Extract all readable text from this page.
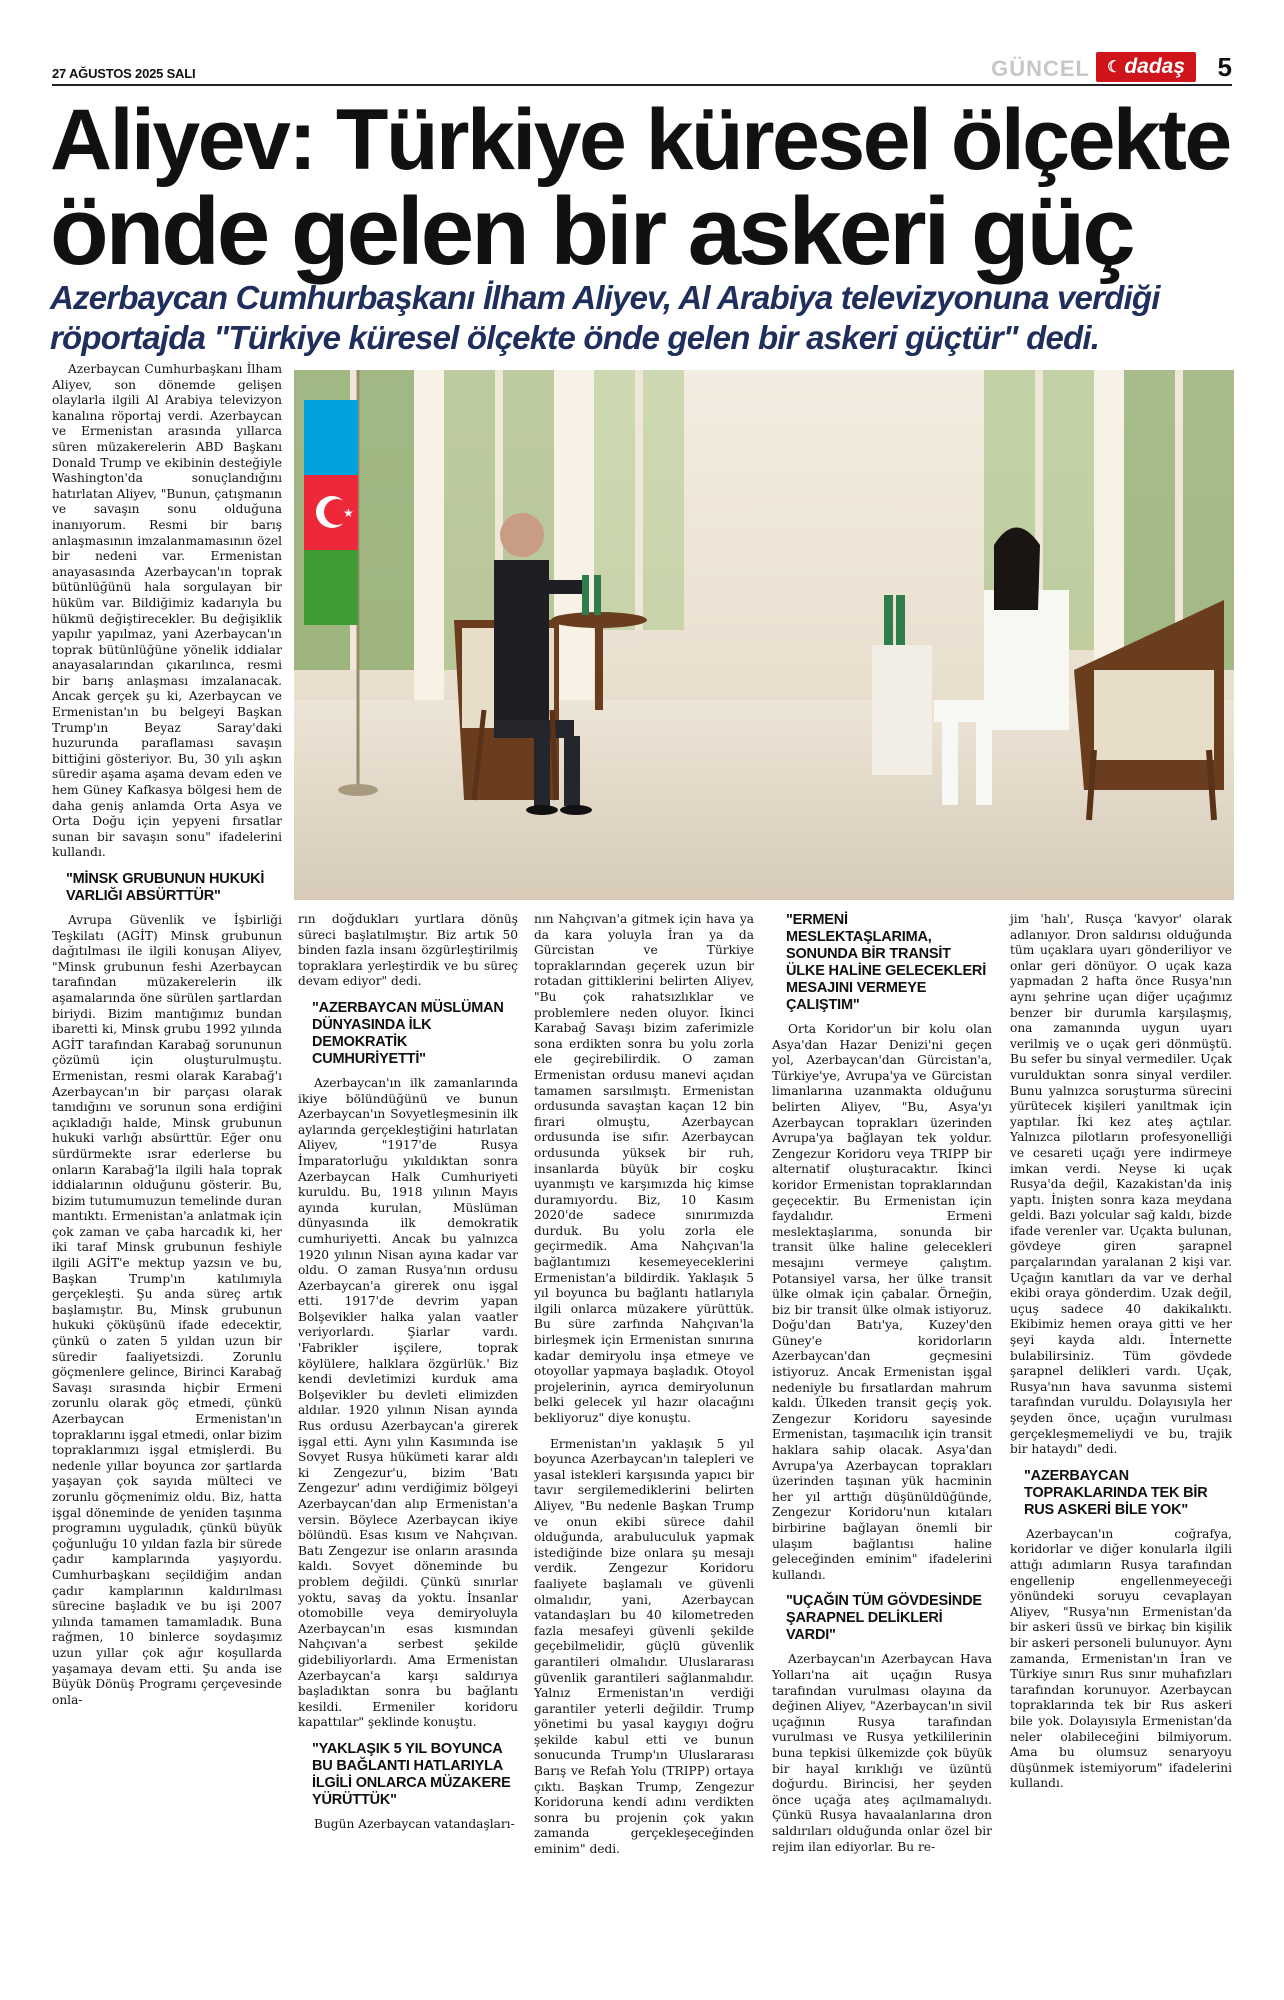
27 AĞUSTOS 2025 SALI	GÜNCEL ☾ dadaş 5
Aliyev: Türkiye küresel ölçekte
önde gelen bir askeri güç
Azerbaycan Cumhurbaşkanı İlham Aliyev, Al Arabiya televizyonuna verdiği röportajda "Türkiye küresel ölçekte önde gelen bir askeri güçtür" dedi.

Azerbaycan Cumhurbaşkanı İlham Aliyev, son dönemde gelişen olaylarla ilgili Al Arabiya televizyon kanalına röportaj verdi. Azerbaycan ve Ermenistan arasında yıllarca süren müzakerelerin ABD Başkanı Donald Trump ve ekibinin desteğiyle Washington'da sonuçlandığını hatırlatan Aliyev, "Bunun, çatışmanın ve savaşın sonu olduğuna inanıyorum. Resmi bir barış anlaşmasının imzalanmamasının özel bir nedeni var. Ermenistan anayasasında Azerbaycan'ın toprak bütünlüğünü hala sorgulayan bir hüküm var. Bildiğimiz kadarıyla bu hükmü değiştirecekler. Bu değişiklik yapılır yapılmaz, yani Azerbaycan'ın toprak bütünlüğüne yönelik iddialar anayasalarından çıkarılınca, resmi bir barış anlaşması imzalanacak. Ancak gerçek şu ki, Azerbaycan ve Ermenistan'ın bu belgeyi Başkan Trump'ın Beyaz Saray'daki huzurunda paraflaması savaşın bittiğini gösteriyor. Bu, 30 yılı aşkın süredir aşama aşama devam eden ve hem Güney Kafkasya bölgesi hem de daha geniş anlamda Orta Asya ve Orta Doğu için yepyeni fırsatlar sunan bir savaşın sonu" ifadelerini kullandı.

"MİNSK GRUBUNUN HUKUKİ VARLIĞI ABSÜRTTÜR"

Avrupa Güvenlik ve İşbirliği Teşkilatı (AGİT) Minsk grubunun dağıtılması ile ilgili konuşan Aliyev, "Minsk grubunun feshi Azerbaycan tarafından müzakerelerin ilk aşamalarında öne sürülen şartlardan biriydi. Bizim mantığımız bundan ibaretti ki, Minsk grubu 1992 yılında AGİT tarafından Karabağ sorununun çözümü için oluşturulmuştu. Ermenistan, resmi olarak Karabağ'ı Azerbaycan'ın bir parçası olarak tanıdığını ve sorunun sona erdiğini açıkladığı halde, Minsk grubunun hukuki varlığı absürttür. Eğer onu sürdürmekte ısrar ederlerse bu onların Karabağ'la ilgili hala toprak iddialarının olduğunu gösterir. Bu, bizim tutumumuzun temelinde duran mantıktı. Ermenistan'a anlatmak için çok zaman ve çaba harcadık ki, her iki taraf Minsk grubunun feshiyle ilgili AGİT'e mektup yazsın ve bu, Başkan Trump'ın katılımıyla gerçekleşti. Şu anda süreç artık başlamıştır. Bu, Minsk grubunun hukuki çöküşünü ifade edecektir, çünkü o zaten 5 yıldan uzun bir süredir faaliyetsizdi. Zorunlu göçmenlere gelince, Birinci Karabağ Savaşı sırasında hiçbir Ermeni zorunlu olarak göç etmedi, çünkü Azerbaycan Ermenistan'ın topraklarını işgal etmedi, onlar bizim topraklarımızı işgal etmişlerdi. Bu nedenle yıllar boyunca zor şartlarda yaşayan çok sayıda mülteci ve zorunlu göçmenimiz oldu. Biz, hatta işgal döneminde de yeniden taşınma programını uyguladık, çünkü büyük çoğunluğu 10 yıldan fazla bir sürede çadır kamplarında yaşıyordu. Cumhurbaşkanı seçildiğim andan çadır kamplarının kaldırılması sürecine başladık ve bu işi 2007 yılında tamamen tamamladık. Buna rağmen, 10 binlerce soydaşımız uzun yıllar çok ağır koşullarda yaşamaya devam etti. Şu anda ise Büyük Dönüş Programı çerçevesinde onla-

★

rın doğdukları yurtlara dönüş süreci başlatılmıştır. Biz artık 50 binden fazla insanı özgürleştirilmiş topraklara yerleştirdik ve bu süreç devam ediyor" dedi.

"AZERBAYCAN MÜSLÜMAN DÜNYASINDA İLK DEMOKRATİK CUMHURİYETTİ"

Azerbaycan'ın ilk zamanlarında ikiye bölündüğünü ve bunun Azerbaycan'ın Sovyetleşmesinin ilk aylarında gerçekleştiğini hatırlatan Aliyev, "1917'de Rusya İmparatorluğu yıkıldıktan sonra Azerbaycan Halk Cumhuriyeti kuruldu. Bu, 1918 yılının Mayıs ayında kurulan, Müslüman dünyasında ilk demokratik cumhuriyetti. Ancak bu yalnızca 1920 yılının Nisan ayına kadar var oldu. O zaman Rusya'nın ordusu Azerbaycan'a girerek onu işgal etti. 1917'de devrim yapan Bolşevikler halka yalan vaatler veriyorlardı. Şiarlar vardı. 'Fabrikler işçilere, toprak köylülere, halklara özgürlük.' Biz kendi devletimizi kurduk ama Bolşevikler bu devleti elimizden aldılar. 1920 yılının Nisan ayında Rus ordusu Azerbaycan'a girerek işgal etti. Aynı yılın Kasımında ise Sovyet Rusya hükümeti karar aldı ki Zengezur'u, bizim 'Batı Zengezur' adını verdiğimiz bölgeyi Azerbaycan'dan alıp Ermenistan'a versin. Böylece Azerbaycan ikiye bölündü. Esas kısım ve Nahçıvan. Batı Zengezur ise onların arasında kaldı. Sovyet döneminde bu problem değildi. Çünkü sınırlar yoktu, savaş da yoktu. İnsanlar otomobille veya demiryoluyla Azerbaycan'ın esas kısmından Nahçıvan'a serbest şekilde gidebiliyorlardı. Ama Ermenistan Azerbaycan'a karşı saldırıya başladıktan sonra bu bağlantı kesildi. Ermeniler koridoru kapattılar" şeklinde konuştu.

"YAKLAŞIK 5 YIL BOYUNCA BU BAĞLANTI HATLARIYLA İLGİLİ ONLARCA MÜZAKERE YÜRÜTTÜK"

Bugün Azerbaycan vatandaşları-

nın Nahçıvan'a gitmek için hava ya da kara yoluyla İran ya da Gürcistan ve Türkiye topraklarından geçerek uzun bir rotadan gittiklerini belirten Aliyev, "Bu çok rahatsızlıklar ve problemlere neden oluyor. İkinci Karabağ Savaşı bizim zaferimizle sona erdikten sonra bu yolu zorla ele geçirebilirdik. O zaman Ermenistan ordusu manevi açıdan tamamen sarsılmıştı. Ermenistan ordusunda savaştan kaçan 12 bin firari olmuştu, Azerbaycan ordusunda ise sıfır. Azerbaycan ordusunda yüksek bir ruh, insanlarda büyük bir coşku uyanmıştı ve karşımızda hiç kimse duramıyordu. Biz, 10 Kasım 2020'de sadece sınırımızda durduk. Bu yolu zorla ele geçirmedik. Ama Nahçıvan'la bağlantımızı kesemeyeceklerini Ermenistan'a bildirdik. Yaklaşık 5 yıl boyunca bu bağlantı hatlarıyla ilgili onlarca müzakere yürüttük. Bu süre zarfında Nahçıvan'la birleşmek için Ermenistan sınırına kadar demiryolu inşa etmeye ve otoyollar yapmaya başladık. Otoyol projelerinin, ayrıca demiryolunun belki gelecek yıl hazır olacağını bekliyoruz" diye konuştu.

Ermenistan'ın yaklaşık 5 yıl boyunca Azerbaycan'ın talepleri ve yasal istekleri karşısında yapıcı bir tavır sergilemediklerini belirten Aliyev, "Bu nedenle Başkan Trump ve onun ekibi sürece dahil olduğunda, arabuluculuk yapmak istediğinde bize onlara şu mesajı verdik. Zengezur Koridoru faaliyete başlamalı ve güvenli olmalıdır, yani, Azerbaycan vatandaşları bu 40 kilometreden fazla mesafeyi güvenli şekilde geçebilmelidir, güçlü güvenlik garantileri olmalıdır. Uluslararası güvenlik garantileri sağlanmalıdır. Yalnız Ermenistan'ın verdiği garantiler yeterli değildir. Trump yönetimi bu yasal kaygıyı doğru şekilde kabul etti ve bunun sonucunda Trump'ın Uluslararası Barış ve Refah Yolu (TRIPP) ortaya çıktı. Başkan Trump, Zengezur Koridoruna kendi adını verdikten sonra bu projenin çok yakın zamanda gerçekleşeceğinden eminim" dedi.

"ERMENİ MESLEKTAŞLARIMA, SONUNDA BİR TRANSİT ÜLKE HALİNE GELECEKLERİ MESAJINI VERMEYE ÇALIŞTIM"

Orta Koridor'un bir kolu olan Asya'dan Hazar Denizi'ni geçen yol, Azerbaycan'dan Gürcistan'a, Türkiye'ye, Avrupa'ya ve Gürcistan limanlarına uzanmakta olduğunu belirten Aliyev, "Bu, Asya'yı Azerbaycan toprakları üzerinden Avrupa'ya bağlayan tek yoldur. Zengezur Koridoru veya TRIPP bir alternatif oluşturacaktır. İkinci koridor Ermenistan topraklarından geçecektir. Bu Ermenistan için faydalıdır. Ermeni meslektaşlarıma, sonunda bir transit ülke haline gelecekleri mesajını vermeye çalıştım. Potansiyel varsa, her ülke transit ülke olmak için çabalar. Örneğin, biz bir transit ülke olmak istiyoruz. Doğu'dan Batı'ya, Kuzey'den Güney'e koridorların Azerbaycan'dan geçmesini istiyoruz. Ancak Ermenistan işgal nedeniyle bu fırsatlardan mahrum kaldı. Ülkeden transit geçiş yok. Zengezur Koridoru sayesinde Ermenistan, taşımacılık için transit haklara sahip olacak. Asya'dan Avrupa'ya Azerbaycan toprakları üzerinden taşınan yük hacminin her yıl arttığı düşünüldüğünde, Zengezur Koridoru'nun kıtaları birbirine bağlayan önemli bir ulaşım bağlantısı haline geleceğinden eminim" ifadelerini kullandı.

"UÇAĞIN TÜM GÖVDESİNDE ŞARAPNEL DELİKLERİ VARDI"

Azerbaycan'ın Azerbaycan Hava Yolları'na ait uçağın Rusya tarafından vurulması olayına da değinen Aliyev, "Azerbaycan'ın sivil uçağının Rusya tarafından vurulması ve Rusya yetkililerinin buna tepkisi ülkemizde çok büyük bir hayal kırıklığı ve üzüntü doğurdu. Birincisi, her şeyden önce uçağa ateş açılmamalıydı. Çünkü Rusya havaalanlarına dron saldırıları olduğunda onlar özel bir rejim ilan ediyorlar. Bu re-

jim 'halı', Rusça 'kavyor' olarak adlanıyor. Dron saldırısı olduğunda tüm uçaklara uyarı gönderiliyor ve onlar geri dönüyor. O uçak kaza yapmadan 2 hafta önce Rusya'nın aynı şehrine uçan diğer uçağımız benzer bir durumla karşılaşmış, ona zamanında uygun uyarı verilmiş ve o uçak geri dönmüştü. Bu sefer bu sinyal vermediler. Uçak vurulduktan sonra sinyal verdiler. Bunu yalnızca soruşturma sürecini yürütecek kişileri yanıltmak için yaptılar. İki kez ateş açtılar. Yalnızca pilotların profesyonelliği ve cesareti uçağı yere indirmeye imkan verdi. Neyse ki uçak Rusya'da değil, Kazakistan'da iniş yaptı. İnişten sonra kaza meydana geldi. Bazı yolcular sağ kaldı, bizde ifade verenler var. Uçakta bulunan, gövdeye giren şarapnel parçalarından yaralanan 2 kişi var. Uçağın kanıtları da var ve derhal ekibi oraya gönderdim. Uzak değil, uçuş sadece 40 dakikalıktı. Ekibimiz hemen oraya gitti ve her şeyi kayda aldı. İnternette bulabilirsiniz. Tüm gövdede şarapnel delikleri vardı. Uçak, Rusya'nın hava savunma sistemi tarafından vuruldu. Dolayısıyla her şeyden önce, uçağın vurulması gerçekleşmemeliydi ve bu, trajik bir hataydı" dedi.

"AZERBAYCAN TOPRAKLARINDA TEK BİR RUS ASKERİ BİLE YOK"

Azerbaycan'ın coğrafya, koridorlar ve diğer konularla ilgili attığı adımların Rusya tarafından engellenip engellenmeyeceği yönündeki soruyu cevaplayan Aliyev, "Rusya'nın Ermenistan'da bir askeri üssü ve birkaç bin kişilik bir askeri personeli bulunuyor. Aynı zamanda, Ermenistan'ın İran ve Türkiye sınırı Rus sınır muhafızları tarafından korunuyor. Azerbaycan topraklarında tek bir Rus askeri bile yok. Dolayısıyla Ermenistan'da neler olabileceğini bilmiyorum. Ama bu olumsuz senaryoyu düşünmek istemiyorum" ifadelerini kullandı.
